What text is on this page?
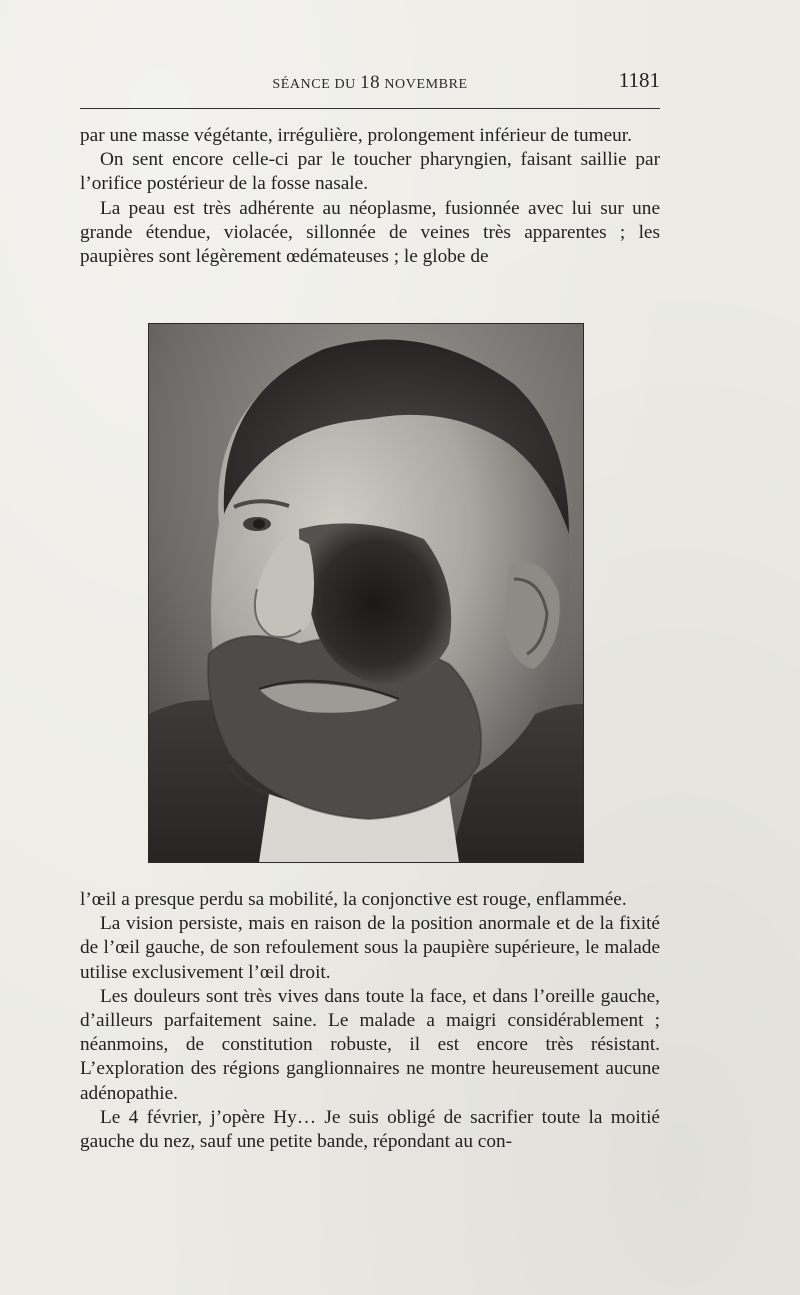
SÉANCE DU 18 NOVEMBRE	1181

par une masse végétante, irrégulière, prolongement inférieur de tumeur.

On sent encore celle-ci par le toucher pharyngien, faisant saillie par l’orifice postérieur de la fosse nasale.

La peau est très adhérente au néoplasme, fusionnée avec lui sur une grande étendue, violacée, sillonnée de veines très apparentes ; les paupières sont légèrement œdémateuses ; le globe de

l’œil a presque perdu sa mobilité, la conjonctive est rouge, enflammée.

La vision persiste, mais en raison de la position anormale et de la fixité de l’œil gauche, de son refoulement sous la paupière supérieure, le malade utilise exclusivement l’œil droit.

Les douleurs sont très vives dans toute la face, et dans l’oreille gauche, d’ailleurs parfaitement saine. Le malade a maigri considérablement ; néanmoins, de constitution robuste, il est encore très résistant. L’exploration des régions ganglionnaires ne montre heureusement aucune adénopathie.

Le 4 février, j’opère Hy… Je suis obligé de sacrifier toute la moitié gauche du nez, sauf une petite bande, répondant au con-
